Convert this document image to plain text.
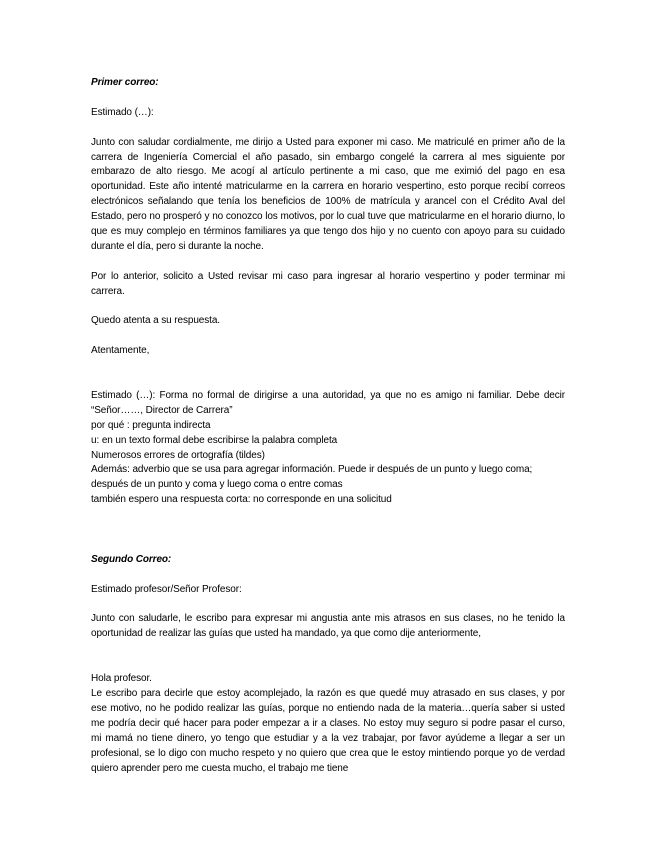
Primer correo:

Estimado (…):

Junto con saludar cordialmente, me dirijo a Usted para exponer mi caso. Me matriculé en primer año de la carrera de Ingeniería Comercial el año pasado, sin embargo congelé la carrera al mes siguiente por embarazo de alto riesgo. Me acogí al artículo pertinente a mi caso, que me eximió del pago en esa oportunidad. Este año intenté matricularme en la carrera en horario vespertino, esto porque recibí correos electrónicos señalando que tenía los beneficios de 100% de matrícula y arancel con el Crédito Aval del Estado, pero no prosperó y no conozco los motivos, por lo cual tuve que matricularme en el horario diurno, lo que es muy complejo en términos familiares ya que tengo dos hijo y no cuento con apoyo para su cuidado durante el día, pero si durante la noche.

Por lo anterior, solicito a Usted revisar mi caso para ingresar al horario vespertino y poder terminar mi carrera.

Quedo atenta a su respuesta.

Atentamente,

Estimado (…): Forma no formal de dirigirse a una autoridad, ya que no es amigo ni familiar. Debe decir “Señor……, Director de Carrera”

por qué : pregunta indirecta

u: en un texto formal debe escribirse la palabra completa

Numerosos errores de ortografía (tildes)

Además: adverbio que se usa para agregar información. Puede ir después de un punto y luego coma; después de un punto y coma y luego coma o entre comas

también espero una respuesta corta: no corresponde en una solicitud

Segundo Correo:

Estimado profesor/Señor Profesor:

Junto con saludarle, le escribo para expresar mi angustia ante mis atrasos en sus clases, no he tenido la oportunidad de realizar las guías que usted ha mandado, ya que como dije anteriormente,

Hola profesor.

Le escribo para decirle que estoy acomplejado, la razón es que quedé muy atrasado en sus clases, y por ese motivo, no he podido realizar las guías, porque no entiendo nada de la materia…quería saber si usted me podría decir qué hacer para poder empezar a ir a clases. No estoy muy seguro si podre pasar el curso, mi mamá no tiene dinero, yo tengo que estudiar y a la vez trabajar, por favor ayúdeme a llegar a ser un profesional, se lo digo con mucho respeto y no quiero que crea que le estoy mintiendo porque yo de verdad quiero aprender pero me cuesta mucho, el trabajo me tiene
